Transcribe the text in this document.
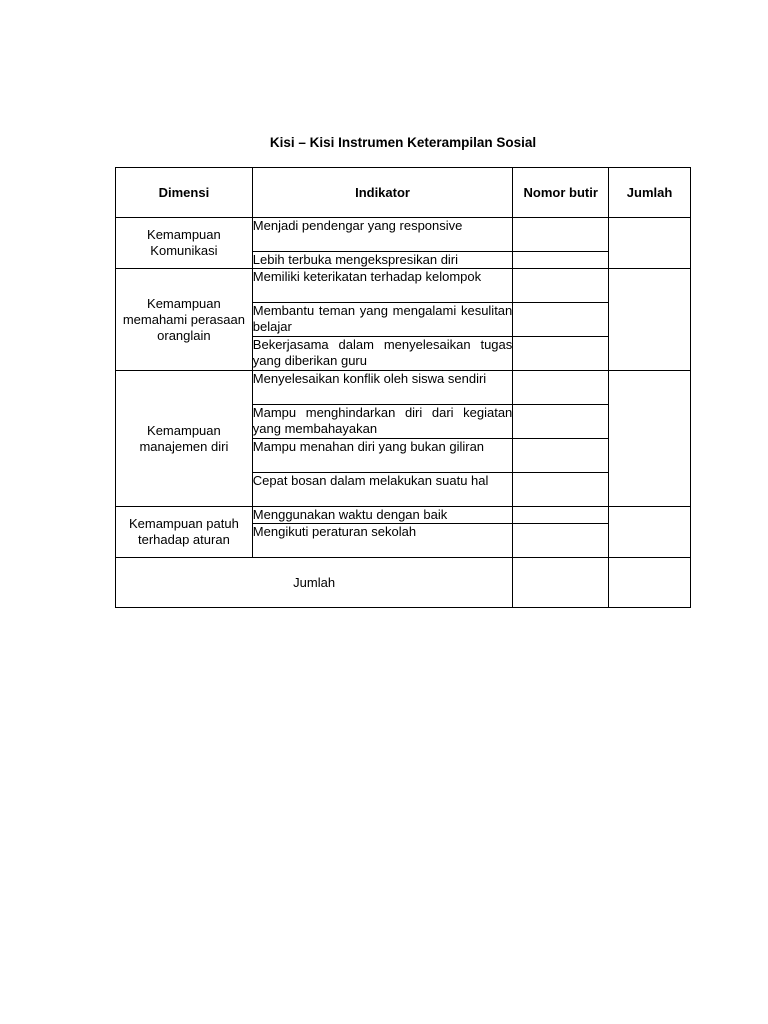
Kisi – Kisi Instrumen Keterampilan Sosial
Dimensi	Indikator	Nomor butir	Jumlah
Kemampuan Komunikasi	Menjadi pendengar yang responsive		
	Lebih terbuka mengekspresikan diri		
Kemampuan memahami perasaan oranglain	Memiliki keterikatan terhadap kelompok		
	Membantu teman yang mengalami kesulitan belajar		
	Bekerjasama dalam menyelesaikan tugas yang diberikan guru		
Kemampuan manajemen diri	Menyelesaikan konflik oleh siswa sendiri		
	Mampu menghindarkan diri dari kegiatan yang membahayakan		
	Mampu menahan diri yang bukan giliran		
	Cepat bosan dalam melakukan suatu hal		
Kemampuan patuh terhadap aturan	Menggunakan waktu dengan baik		
	Mengikuti peraturan sekolah		
Jumlah			
